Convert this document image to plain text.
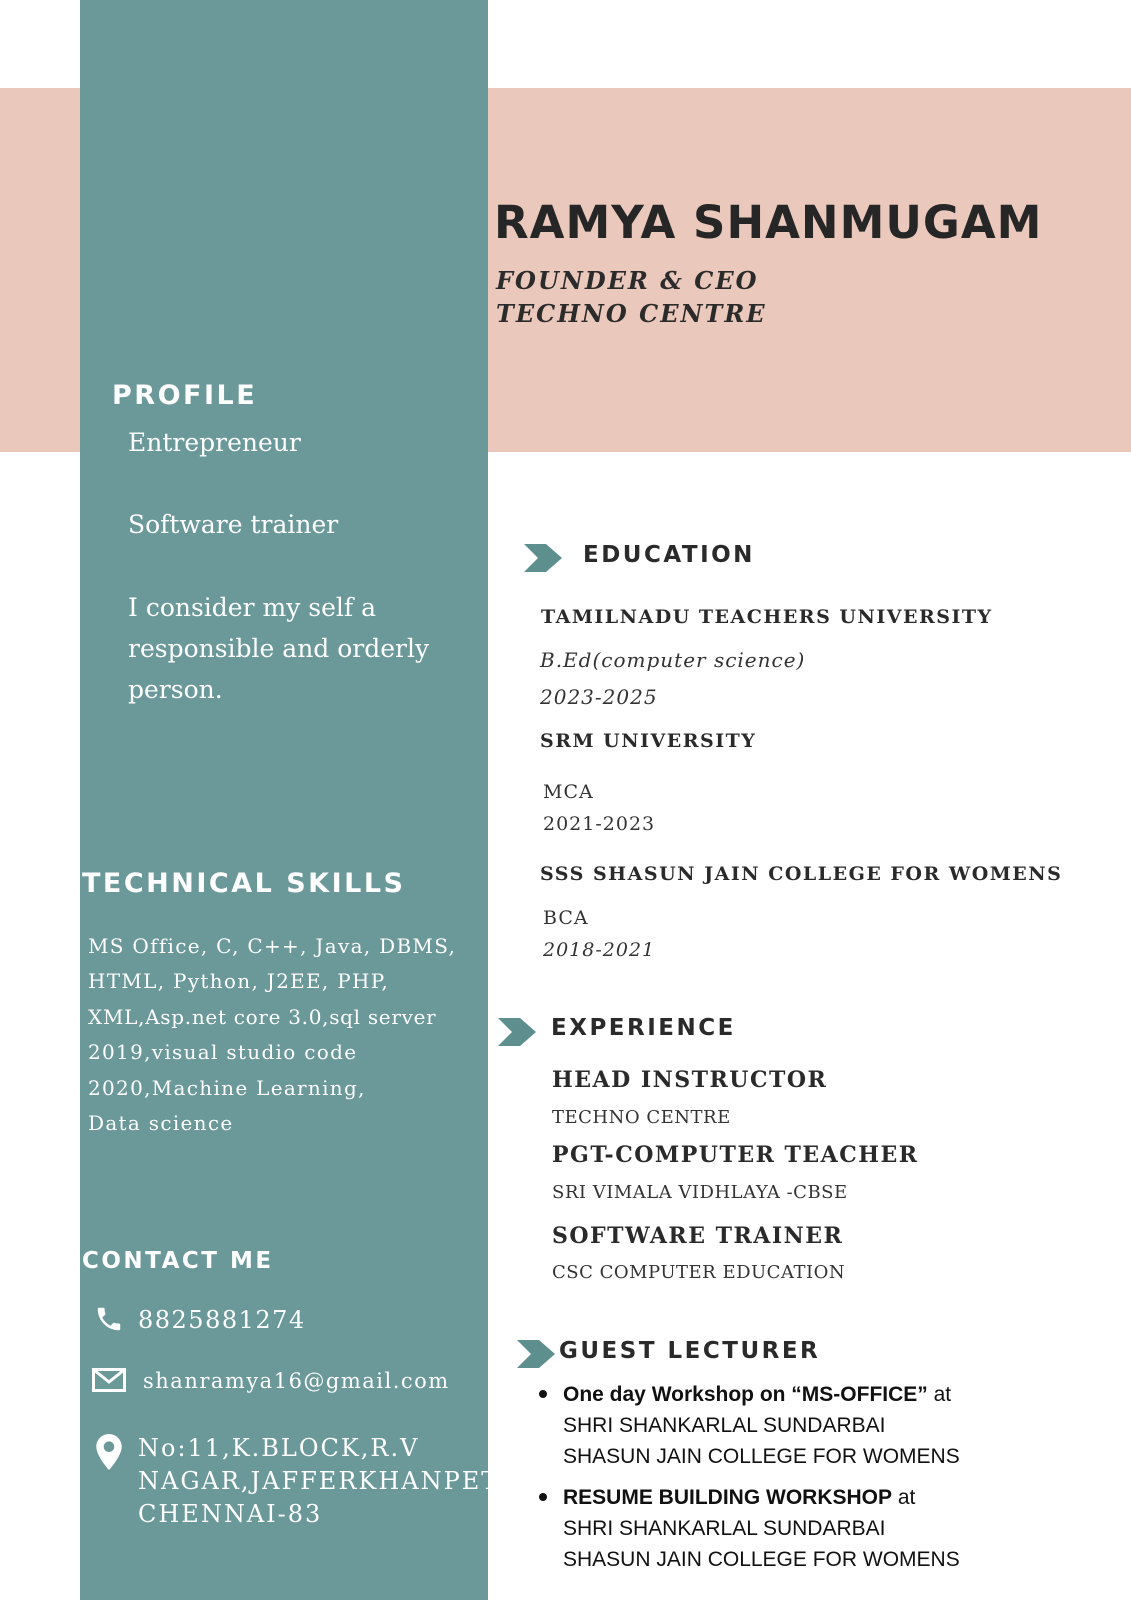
RAMYA SHANMUGAM
FOUNDER & CEO
TECHNO CENTRE
PROFILE
Entrepreneur
Software trainer
I consider my self a
responsible and orderly
person.
TECHNICAL SKILLS
MS Office, C, C++, Java, DBMS,
HTML, Python, J2EE, PHP,
XML,Asp.net core 3.0,sql server
2019,visual studio code
2020,Machine Learning,
Data science
CONTACT ME
8825881274
shanramya16@gmail.com
No:11,K.BLOCK,R.V
NAGAR,JAFFERKHANPET
CHENNAI-83
EDUCATION
TAMILNADU TEACHERS UNIVERSITY
B.Ed(computer science)
2023-2025
SRM UNIVERSITY
MCA
2021-2023
SSS SHASUN JAIN COLLEGE FOR WOMENS
BCA
2018-2021
EXPERIENCE
HEAD INSTRUCTOR
TECHNO CENTRE
PGT-COMPUTER TEACHER
SRI VIMALA VIDHLAYA -CBSE
SOFTWARE TRAINER
CSC COMPUTER EDUCATION
GUEST LECTURER
One day Workshop on “MS-OFFICE” at
SHRI SHANKARLAL SUNDARBAI
SHASUN JAIN COLLEGE FOR WOMENS
RESUME BUILDING WORKSHOP at
SHRI SHANKARLAL SUNDARBAI
SHASUN JAIN COLLEGE FOR WOMENS
